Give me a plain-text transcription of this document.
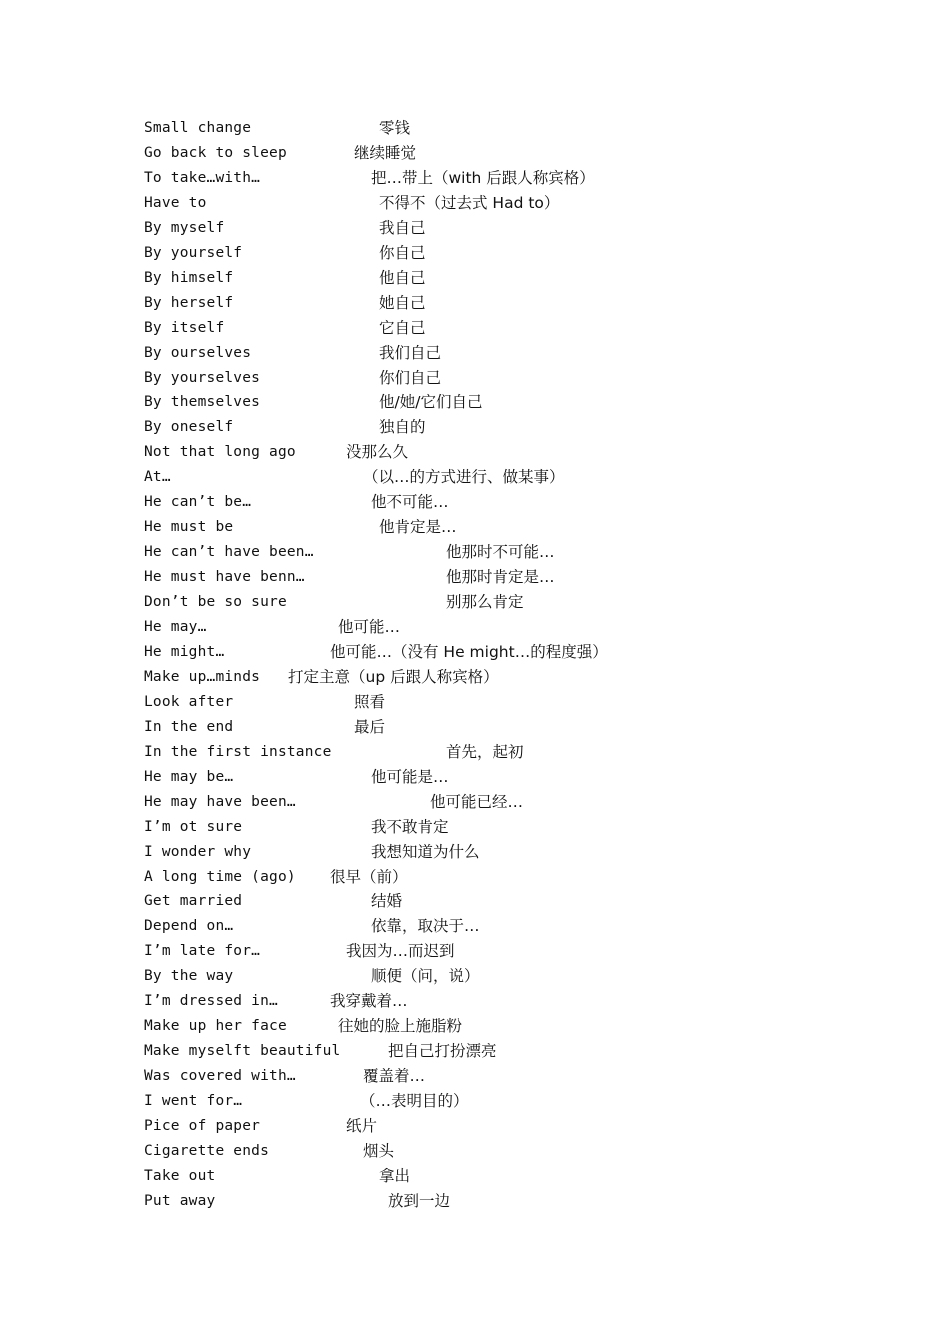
Small change	零钱
Go back to sleep	继续睡觉
To take…with…	把…带上（with 后跟人称宾格）
Have to	不得不（过去式 Had to）
By myself	我自己
By yourself	你自己
By himself	他自己
By herself	她自己
By itself	它自己
By ourselves	我们自己
By yourselves	你们自己
By themselves	他/她/它们自己
By oneself	独自的
Not that long ago	没那么久
At…	（以…的方式进行、做某事）
He can’t be…	他不可能…
He must be	他肯定是…
He can’t have been…	他那时不可能…
He must have benn…	他那时肯定是…
Don’t be so sure	别那么肯定
He may…	他可能…
He might…	他可能…（没有 He might…的程度强）
Make up…minds 打定主意（up 后跟人称宾格）
Look after	照看
In the end	最后
In the first instance	首先，起初
He may be…	他可能是…
He may have been…	他可能已经…
I’m ot sure	我不敢肯定
I wonder why	我想知道为什么
A long time (ago) 很早（前）
Get married	结婚
Depend on…	依靠，取决于…
I’m late for…	我因为…而迟到
By the way	顺便（问，说）
I’m dressed in…	我穿戴着…
Make up her face	往她的脸上施脂粉
Make myselft beautiful	把自己打扮漂亮
Was covered with…	覆盖着…
I went for…	（…表明目的）
Pice of paper	纸片
Cigarette ends	烟头
Take out	拿出
Put away	放到一边
